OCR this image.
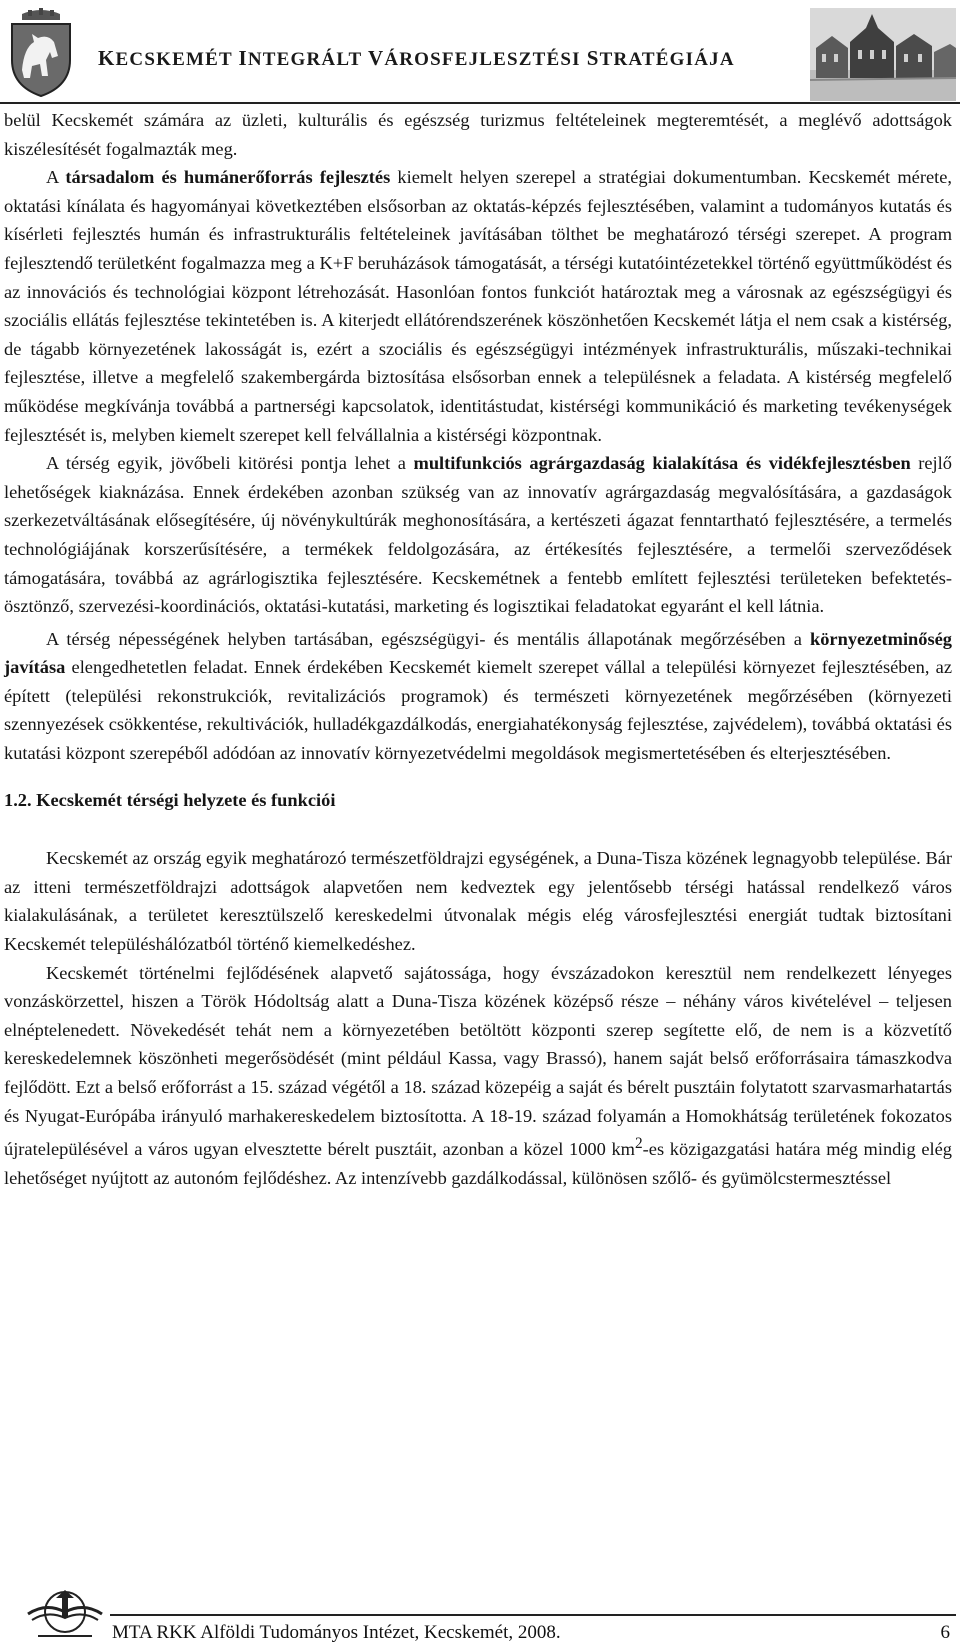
KECSKEMÉT INTEGRÁLT VÁROSFEJLESZTÉSI STRATÉGIÁJA

belül Kecskemét számára az üzleti, kulturális és egészség turizmus feltételeinek megteremtését, a meglévő adottságok kiszélesítését fogalmazták meg.

A társadalom és humánerőforrás fejlesztés kiemelt helyen szerepel a stratégiai dokumentumban. Kecskemét mérete, oktatási kínálata és hagyományai következtében elsősorban az oktatás-képzés fejlesztésében, valamint a tudományos kutatás és kísérleti fejlesztés humán és infrastrukturális feltételeinek javításában tölthet be meghatározó térségi szerepet. A program fejlesztendő területként fogalmazza meg a K+F beruházások támogatását, a térségi kutatóintézetekkel történő együttműködést és az innovációs és technológiai központ létrehozását. Hasonlóan fontos funkciót határoztak meg a városnak az egészségügyi és szociális ellátás fejlesztése tekintetében is. A kiterjedt ellátórendszerének köszönhetően Kecskemét látja el nem csak a kistérség, de tágabb környezetének lakosságát is, ezért a szociális és egészségügyi intézmények infrastrukturális, műszaki-technikai fejlesztése, illetve a megfelelő szakembergárda biztosítása elsősorban ennek a településnek a feladata. A kistérség megfelelő működése megkívánja továbbá a partnerségi kapcsolatok, identitástudat, kistérségi kommunikáció és marketing tevékenységek fejlesztését is, melyben kiemelt szerepet kell felvállalnia a kistérségi központnak.

A térség egyik, jövőbeli kitörési pontja lehet a multifunkciós agrárgazdaság kialakítása és vidékfejlesztésben rejlő lehetőségek kiaknázása. Ennek érdekében azonban szükség van az innovatív agrárgazdaság megvalósítására, a gazdaságok szerkezetváltásának elősegítésére, új növénykultúrák meghonosítására, a kertészeti ágazat fenntartható fejlesztésére, a termelés technológiájának korszerűsítésére, a termékek feldolgozására, az értékesítés fejlesztésére, a termelői szerveződések támogatására, továbbá az agrárlogisztika fejlesztésére. Kecskemétnek a fentebb említett fejlesztési területeken befektetés-ösztönző, szervezési-koordinációs, oktatási-kutatási, marketing és logisztikai feladatokat egyaránt el kell látnia.

A térség népességének helyben tartásában, egészségügyi- és mentális állapotának megőrzésében a környezetminőség javítása elengedhetetlen feladat. Ennek érdekében Kecskemét kiemelt szerepet vállal a települési környezet fejlesztésében, az épített (települési rekonstrukciók, revitalizációs programok) és természeti környezetének megőrzésében (környezeti szennyezések csökkentése, rekultivációk, hulladékgazdálkodás, energiahatékonyság fejlesztése, zajvédelem), továbbá oktatási és kutatási központ szerepéből adódóan az innovatív környezetvédelmi megoldások megismertetésében és elterjesztésében.

1.2. Kecskemét térségi helyzete és funkciói

Kecskemét az ország egyik meghatározó természetföldrajzi egységének, a Duna-Tisza közének legnagyobb települése. Bár az itteni természetföldrajzi adottságok alapvetően nem kedveztek egy jelentősebb térségi hatással rendelkező város kialakulásának, a területet keresztülszelő kereskedelmi útvonalak mégis elég városfejlesztési energiát tudtak biztosítani Kecskemét településhálózatból történő kiemelkedéshez.

Kecskemét történelmi fejlődésének alapvető sajátossága, hogy évszázadokon keresztül nem rendelkezett lényeges vonzáskörzettel, hiszen a Török Hódoltság alatt a Duna-Tisza közének középső része – néhány város kivételével – teljesen elnéptelenedett. Növekedését tehát nem a környezetében betöltött központi szerep segítette elő, de nem is a közvetítő kereskedelemnek köszönheti megerősödését (mint például Kassa, vagy Brassó), hanem saját belső erőforrásaira támaszkodva fejlődött. Ezt a belső erőforrást a 15. század végétől a 18. század közepéig a saját és bérelt pusztáin folytatott szarvasmarhatartás és Nyugat-Európába irányuló marhakereskedelem biztosította. A 18-19. század folyamán a Homokhátság területének fokozatos újratelepülésével a város ugyan elvesztette bérelt pusztáit, azonban a közel 1000 $km^2-es$ közigazgatási határa még mindig elég lehetőséget nyújtott az autonóm fejlődéshez. Az intenzívebb gazdálkodással, különösen szőlő- és gyümölcstermesztéssel

MTA RKK Alföldi Tudományos Intézet, Kecskemét, 2008.	6
